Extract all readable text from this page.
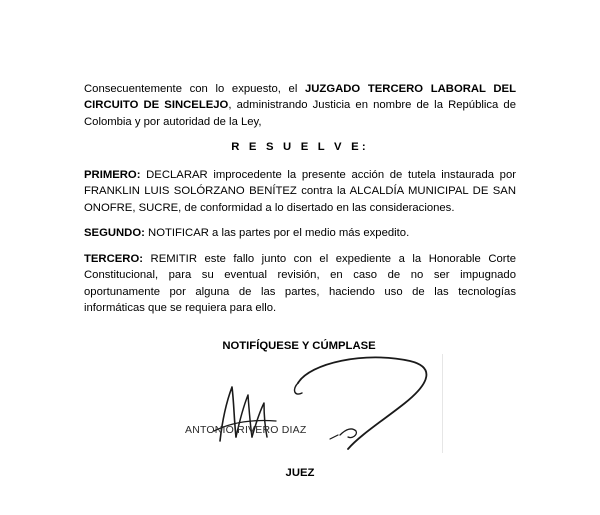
Consecuentemente con lo expuesto, el JUZGADO TERCERO LABORAL DEL CIRCUITO DE SINCELEJO, administrando Justicia en nombre de la República de Colombia y por autoridad de la Ley,

R E S U E L V E:

PRIMERO: DECLARAR improcedente la presente acción de tutela instaurada por FRANKLIN LUIS SOLÓRZANO BENÍTEZ contra la ALCALDÍA MUNICIPAL DE SAN ONOFRE, SUCRE, de conformidad a lo disertado en las consideraciones.

SEGUNDO: NOTIFICAR a las partes por el medio más expedito.

TERCERO: REMITIR este fallo junto con el expediente a la Honorable Corte Constitucional, para su eventual revisión, en caso de no ser impugnado oportunamente por alguna de las partes, haciendo uso de las tecnologías informáticas que se requiera para ello.

NOTIFÍQUESE Y CÚMPLASE
ANTONIO RIVERO DIAZ
JUEZ
